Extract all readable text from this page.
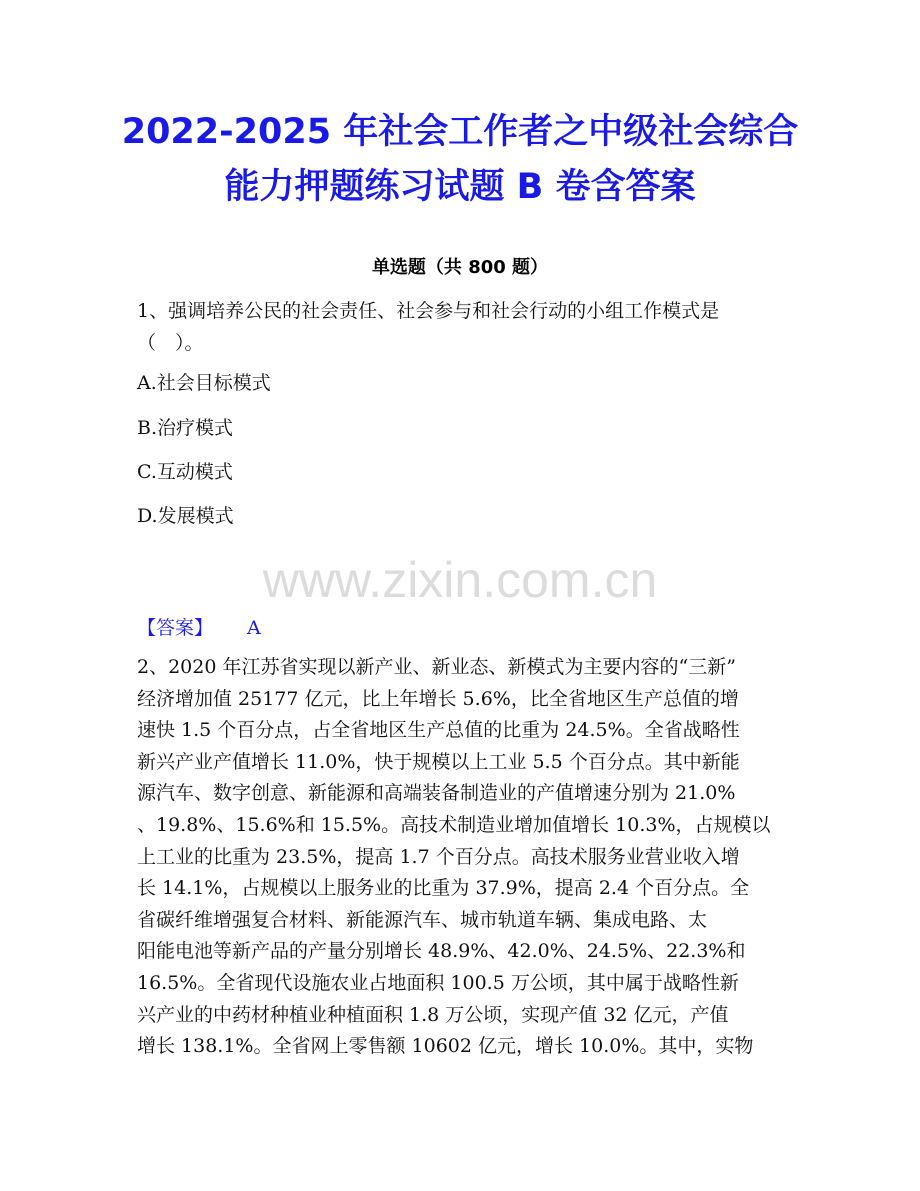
2022-2025 年社会工作者之中级社会综合
能力押题练习试题 B 卷含答案
单选题（共 800 题）
1、强调培养公民的社会责任、社会参与和社会行动的小组工作模式是
（　）。
A.社会目标模式
B.治疗模式
C.互动模式
D.发展模式
www.zixin.com.cn
【答案】 A
2、2020 年江苏省实现以新产业、新业态、新模式为主要内容的“三新”
经济增加值 25177 亿元，比上年增长 5.6%，比全省地区生产总值的增
速快 1.5 个百分点，占全省地区生产总值的比重为 24.5%。全省战略性
新兴产业产值增长 11.0%，快于规模以上工业 5.5 个百分点。其中新能
源汽车、数字创意、新能源和高端装备制造业的产值增速分别为 21.0%
、19.8%、15.6%和 15.5%。高技术制造业增加值增长 10.3%，占规模以
上工业的比重为 23.5%，提高 1.7 个百分点。高技术服务业营业收入增
长 14.1%，占规模以上服务业的比重为 37.9%，提高 2.4 个百分点。全
省碳纤维增强复合材料、新能源汽车、城市轨道车辆、集成电路、太
阳能电池等新产品的产量分别增长 48.9%、42.0%、24.5%、22.3%和
16.5%。全省现代设施农业占地面积 100.5 万公顷，其中属于战略性新
兴产业的中药材种植业种植面积 1.8 万公顷，实现产值 32 亿元，产值
增长 138.1%。全省网上零售额 10602 亿元，增长 10.0%。其中，实物
